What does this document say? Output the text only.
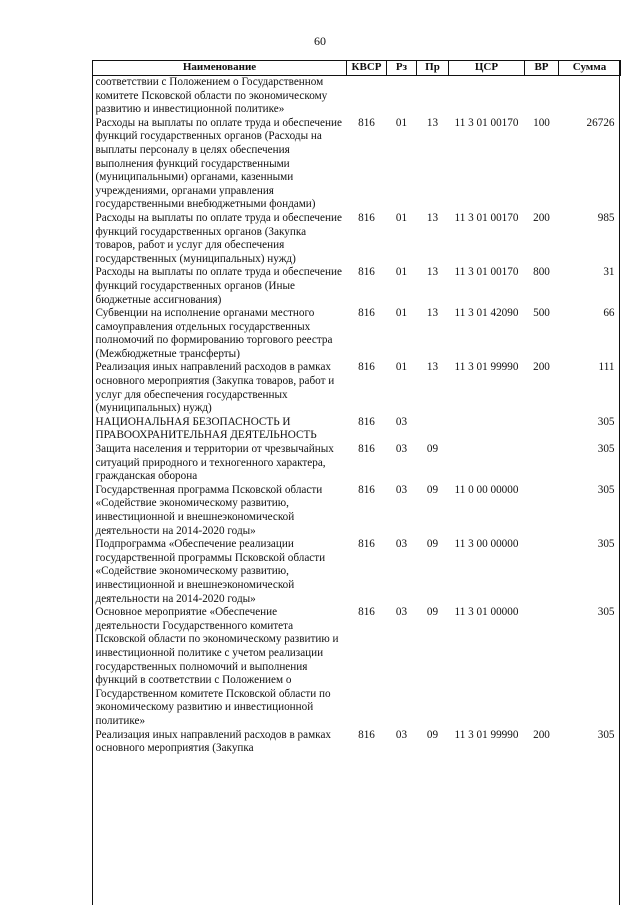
60
Наименование	КВСР	Рз	Пр	ЦСР	ВР	Сумма
соответствии с Положением о Государственном комитете Псковской области по экономическому развитию и инвестиционной политике»						
Расходы на выплаты по оплате труда и обеспечение функций государственных органов (Расходы на выплаты персоналу в целях обеспечения выполнения функций государственными (муниципальными) органами, казенными учреждениями, органами управления государственными внебюджетными фондами)	816	01	13	11 3 01 00170	100	26726
Расходы на выплаты по оплате труда и обеспечение функций государственных органов (Закупка товаров, работ и услуг для обеспечения государственных (муниципальных) нужд)	816	01	13	11 3 01 00170	200	985
Расходы на выплаты по оплате труда и обеспечение функций государственных органов (Иные бюджетные ассигнования)	816	01	13	11 3 01 00170	800	31
Субвенции на исполнение органами местного самоуправления отдельных государственных полномочий по формированию торгового реестра (Межбюджетные трансферты)	816	01	13	11 3 01 42090	500	66
Реализация иных направлений расходов в рамках основного мероприятия (Закупка товаров, работ и услуг для обеспечения государственных (муниципальных) нужд)	816	01	13	11 3 01 99990	200	111
НАЦИОНАЛЬНАЯ БЕЗОПАСНОСТЬ И ПРАВООХРАНИТЕЛЬНАЯ ДЕЯТЕЛЬНОСТЬ	816	03				305
Защита населения и территории от чрезвычайных ситуаций природного и техногенного характера, гражданская оборона	816	03	09			305
Государственная программа Псковской области «Содействие экономическому развитию, инвестиционной и внешнеэкономической деятельности на 2014-2020 годы»	816	03	09	11 0 00 00000		305
Подпрограмма «Обеспечение реализации государственной программы Псковской области «Содействие экономическому развитию, инвестиционной и внешнеэкономической деятельности на 2014-2020 годы»	816	03	09	11 3 00 00000		305
Основное мероприятие «Обеспечение деятельности Государственного комитета Псковской области по экономическому развитию и инвестиционной политике с учетом реализации государственных полномочий и выполнения функций в соответствии с Положением о Государственном комитете Псковской области по экономическому развитию и инвестиционной политике»	816	03	09	11 3 01 00000		305
Реализация иных направлений расходов в рамках основного мероприятия (Закупка	816	03	09	11 3 01 99990	200	305
